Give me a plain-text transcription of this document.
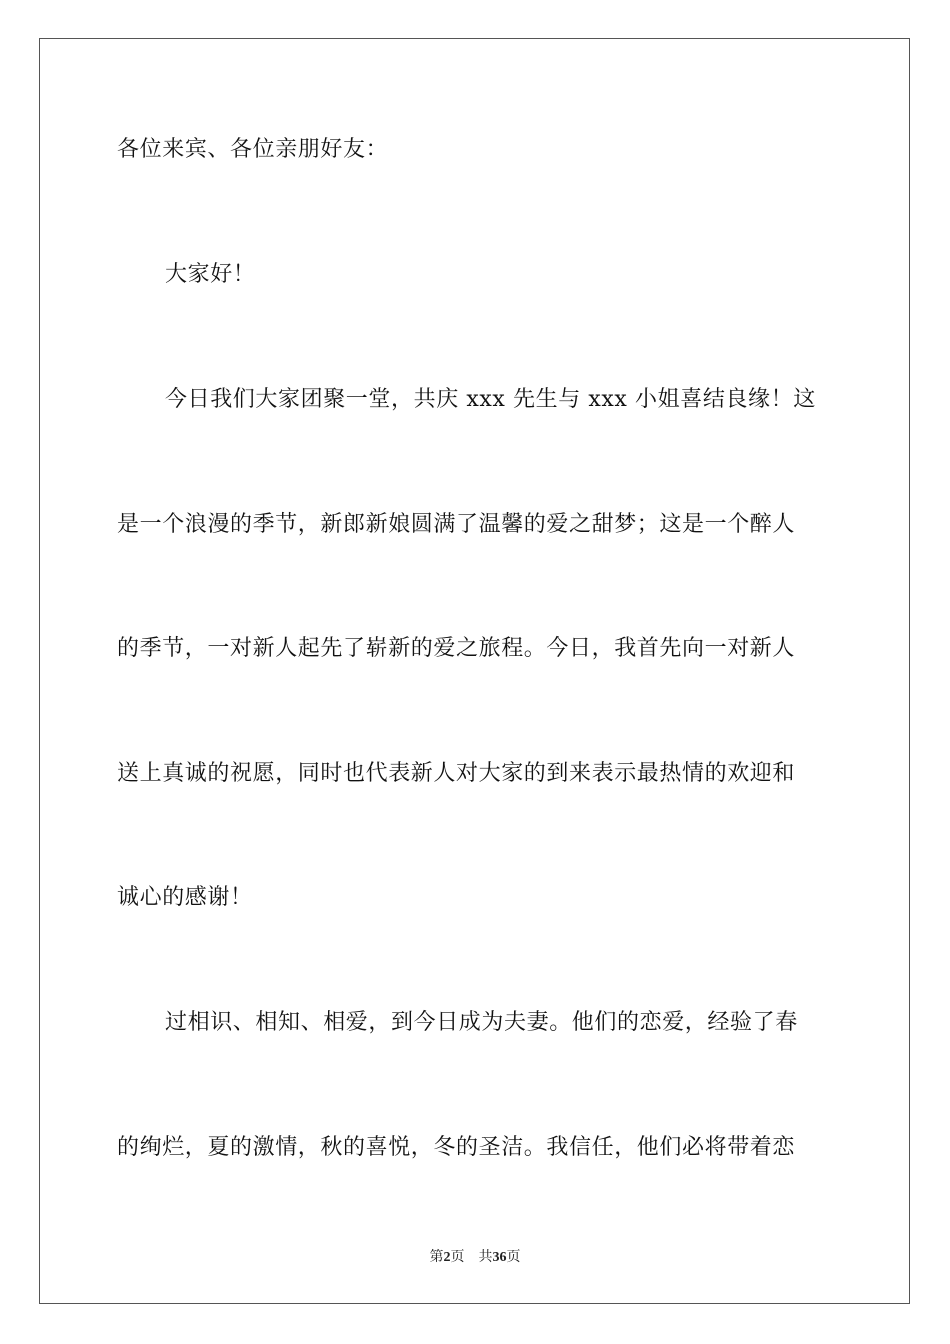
各位来宾、各位亲朋好友：
大家好！
今日我们大家团聚一堂，共庆 xxx 先生与 xxx 小姐喜结良缘！这
是一个浪漫的季节，新郎新娘圆满了温馨的爱之甜梦；这是一个醉人
的季节，一对新人起先了崭新的爱之旅程。今日，我首先向一对新人
送上真诚的祝愿，同时也代表新人对大家的到来表示最热情的欢迎和
诚心的感谢！
过相识、相知、相爱，到今日成为夫妻。他们的恋爱，经验了春
的绚烂，夏的激情，秋的喜悦，冬的圣洁。我信任，他们必将带着恋
第2页 共36页
